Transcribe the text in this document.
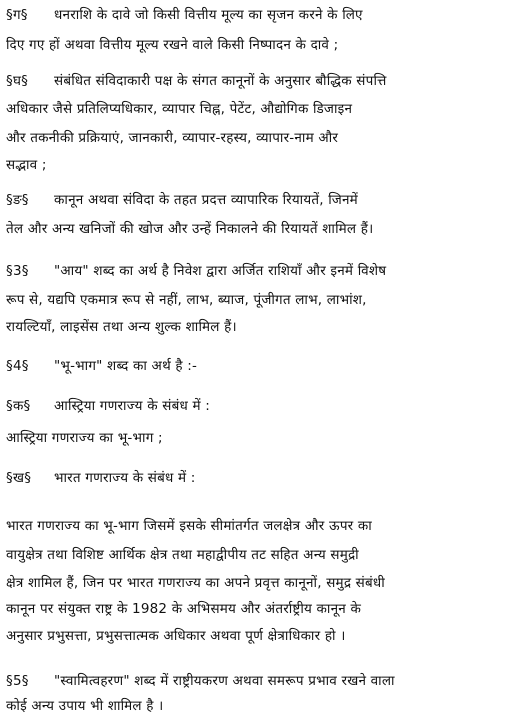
§ग§ धनराशि के दावे जो किसी वित्तीय मूल्य का सृजन करने के लिए
दिए गए हों अथवा वित्तीय मूल्य रखने वाले किसी निष्पादन के दावे ;
§घ§ संबंधित संविदाकारी पक्ष के संगत कानूनों के अनुसार बौद्धिक संपत्ति
अधिकार जैसे प्रतिलिप्यधिकार, व्यापार चिह्न, पेटेंट, औद्योगिक डिजाइन
और तकनीकी प्रक्रियाएं, जानकारी, व्यापार-रहस्य, व्यापार-नाम और
सद्भाव ;
§ङ§ कानून अथवा संविदा के तहत प्रदत्त व्यापारिक रियायतें, जिनमें
तेल और अन्य खनिजों की खोज और उन्हें निकालने की रियायतें शामिल हैं।
§3§ "आय" शब्द का अर्थ है निवेश द्वारा अर्जित राशियाँ और इनमें विशेष
रूप से, यद्यपि एकमात्र रूप से नहीं, लाभ, ब्याज, पूंजीगत लाभ, लाभांश,
रायल्टियाँ, लाइसेंस तथा अन्य शुल्क शामिल हैं।
§4§ "भू-भाग" शब्द का अर्थ है :-
§क§ आस्ट्रिया गणराज्य के संबंध में :
आस्ट्रिया गणराज्य का भू-भाग ;
§ख§ भारत गणराज्य के संबंध में :
भारत गणराज्य का भू-भाग जिसमें इसके सीमांतर्गत जलक्षेत्र और ऊपर का
वायुक्षेत्र तथा विशिष्ट आर्थिक क्षेत्र तथा महाद्वीपीय तट सहित अन्य समुद्री
क्षेत्र शामिल हैं, जिन पर भारत गणराज्य का अपने प्रवृत्त कानूनों, समुद्र संबंधी
कानून पर संयुक्त राष्ट्र के 1982 के अभिसमय और अंतर्राष्ट्रीय कानून के
अनुसार प्रभुसत्ता, प्रभुसत्तात्मक अधिकार अथवा पूर्ण क्षेत्राधिकार हो ।
§5§ "स्वामित्वहरण" शब्द में राष्ट्रीयकरण अथवा समरूप प्रभाव रखने वाला
कोई अन्य उपाय भी शामिल है ।
